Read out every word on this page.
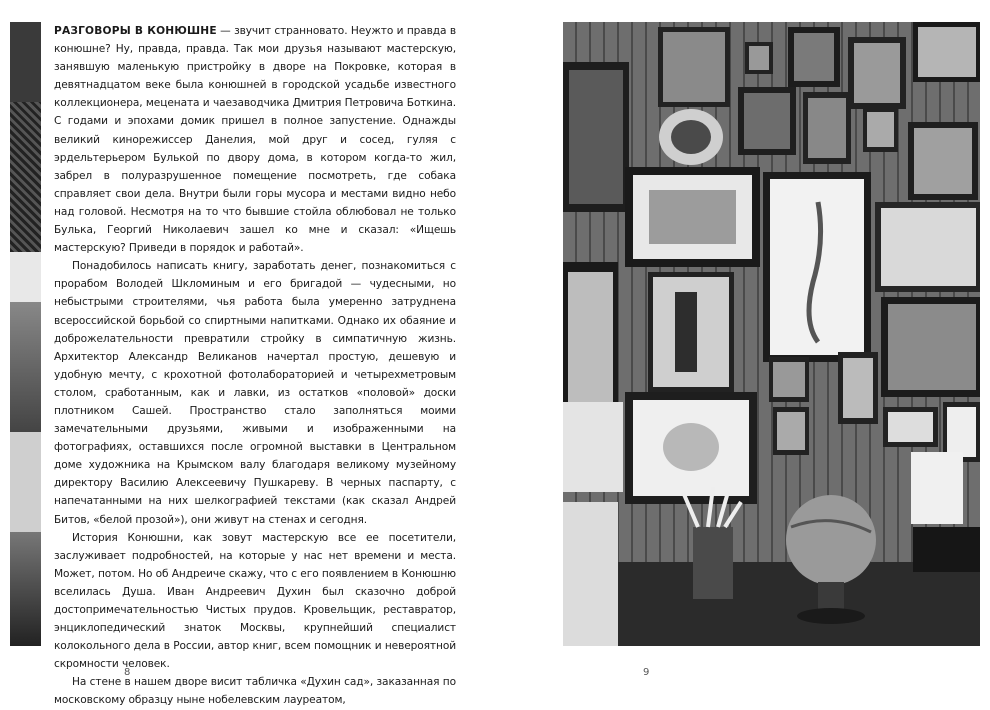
РАЗГОВОРЫ В КОНЮШНЕ — звучит странновато. Неужто и правда в конюшне? Ну, правда, правда. Так мои друзья называют мастерскую, занявшую маленькую пристройку в дворе на Покровке, которая в девятнадцатом веке была конюшней в городской усадьбе известного коллекционера, мецената и чаезаводчика Дмитрия Петровича Боткина. С годами и эпохами домик пришел в полное запустение. Однажды великий кинорежиссер Данелия, мой друг и сосед, гуляя с эрдельтерьером Булькой по двору дома, в котором когда-то жил, забрел в полуразрушенное помещение посмотреть, где собака справляет свои дела. Внутри были горы мусора и местами видно небо над головой. Несмотря на то что бывшие стойла облюбовал не только Булька, Георгий Николаевич зашел ко мне и сказал: «Ищешь мастерскую? Приведи в порядок и работай».

Понадобилось написать книгу, заработать денег, познакомиться с прорабом Володей Шкломиным и его бригадой — чудесными, но небыстрыми строителями, чья работа была умеренно затруднена всероссийской борьбой со спиртными напитками. Однако их обаяние и доброжелательности превратили стройку в симпатичную жизнь. Архитектор Александр Великанов начертал простую, дешевую и удобную мечту, с крохотной фотолабораторией и четырехметровым столом, срaботанным, как и лавки, из остатков «половой» доски плотником Сашей. Пространство стало заполняться моими замечательными друзьями, живыми и изображенными на фотографиях, оставшихся после огромной выставки в Центральном доме художника на Крымском валу благодаря великому музейному директору Василию Алексеевичу Пушкареву. В черных паспарту, с напечатанными на них шелкографией текстами (как сказал Андрей Битов, «белой прозой»), они живут на стенах и сегодня.

История Конюшни, как зовут мастерскую все ее посетители, заслуживает подробностей, на которые у нас нет времени и места. Может, потом. Но об Андреиче скажу, что с его появлением в Конюшню вселилась Душа. Иван Андреевич Духин был сказочно доброй достопримечательностью Чистых прудов. Кровельщик, реставратор, энциклопедический знаток Москвы, крупнейший специалист колокольного дела в России, автор книг, всем помощник и невероятной скромности человек.

На стене в нашем дворе висит табличка «Духин сад», заказанная по московскому образцу ныне нобелевским лауреатом,

8	9
